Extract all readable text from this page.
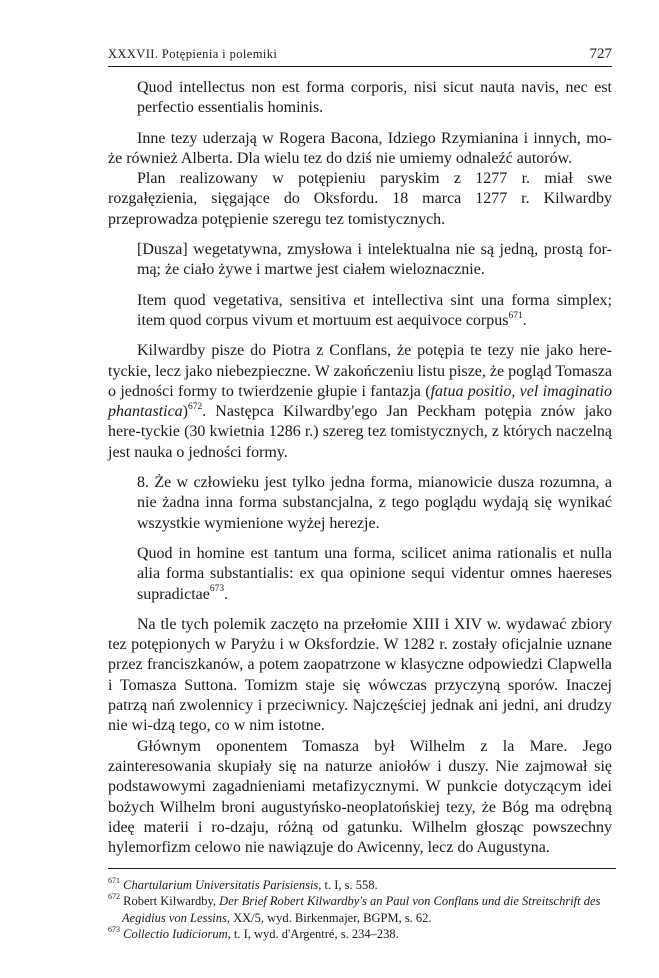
XXXVII. Potępienia i polemiki	727

Quod intellectus non est forma corporis, nisi sicut nauta navis, nec est perfectio essentialis hominis.

Inne tezy uderzają w Rogera Bacona, Idziego Rzymianina i innych, mo-że również Alberta. Dla wielu tez do dziś nie umiemy odnaleźć autorów.

Plan realizowany w potępieniu paryskim z 1277 r. miał swe rozgałęzienia, sięgające do Oksfordu. 18 marca 1277 r. Kilwardby przeprowadza potępienie szeregu tez tomistycznych.

[Dusza] wegetatywna, zmysłowa i intelektualna nie są jedną, prostą for-mą; że ciało żywe i martwe jest ciałem wieloznacznie.

Item quod vegetativa, sensitiva et intellectiva sint una forma simplex; item quod corpus vivum et mortuum est aequivoce corpus$^{671}$.

Kilwardby pisze do Piotra z Conflans, że potępia te tezy nie jako here-tyckie, lecz jako niebezpieczne. W zakończeniu listu pisze, że pogląd Tomasza o jedności formy to twierdzenie głupie i fantazja (fatua positio, vel imaginatio phantastica)$^{672}$. Następca Kilwardby'ego Jan Peckham potępia znów jako here-tyckie (30 kwietnia 1286 r.) szereg tez tomistycznych, z których naczelną jest nauka o jedności formy.

8. Że w człowieku jest tylko jedna forma, mianowicie dusza rozumna, a nie żadna inna forma substancjalna, z tego poglądu wydają się wynikać wszystkie wymienione wyżej herezje.

Quod in homine est tantum una forma, scilicet anima rationalis et nulla alia forma substantialis: ex qua opinione sequi videntur omnes haereses supradictae$^{673}$.

Na tle tych polemik zaczęto na przełomie XIII i XIV w. wydawać zbiory tez potępionych w Paryżu i w Oksfordzie. W 1282 r. zostały oficjalnie uznane przez franciszkanów, a potem zaopatrzone w klasyczne odpowiedzi Clapwella i Tomasza Suttona. Tomizm staje się wówczas przyczyną sporów. Inaczej patrzą nań zwolennicy i przeciwnicy. Najczęściej jednak ani jedni, ani drudzy nie wi-dzą tego, co w nim istotne.

Głównym oponentem Tomasza był Wilhelm z la Mare. Jego zainteresowania skupiały się na naturze aniołów i duszy. Nie zajmował się podstawowymi zagadnieniami metafizycznymi. W punkcie dotyczącym idei bożych Wilhelm broni augustyńsko-neoplatońskiej tezy, że Bóg ma odrębną ideę materii i ro-dzaju, różną od gatunku. Wilhelm głosząc powszechny hylemorfizm celowo nie nawiązuje do Awicenny, lecz do Augustyna.

$^{671}$ Chartularium Universitatis Parisiensis, t. I, s. 558.

$^{672}$ Robert Kilwardby, Der Brief Robert Kilwardby's an Paul von Conflans und die Streitschrift des Aegidius von Lessins, XX/5, wyd. Birkenmajer, BGPM, s. 62.

$^{673}$ Collectio Iudiciorum, t. I, wyd. d'Argentré, s. 234–238.
